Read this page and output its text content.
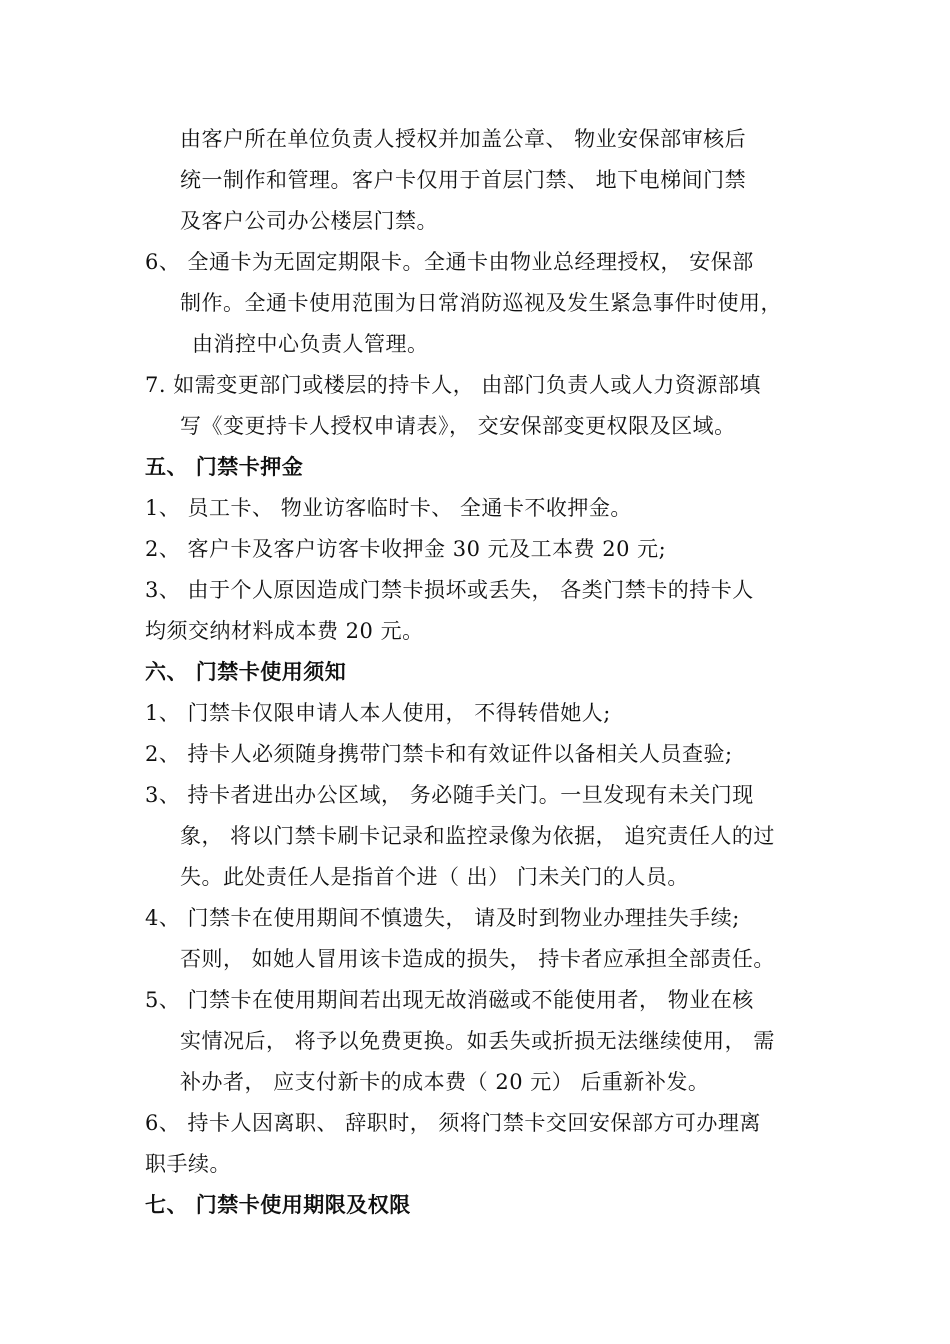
由客户所在单位负责人授权并加盖公章、 物业安保部审核后
统一制作和管理。客户卡仅用于首层门禁、 地下电梯间门禁
及客户公司办公楼层门禁。
6、 全通卡为无固定期限卡。全通卡由物业总经理授权， 安保部
制作。全通卡使用范围为日常消防巡视及发生紧急事件时使用，
由消控中心负责人管理。
7. 如需变更部门或楼层的持卡人， 由部门负责人或人力资源部填
写《变更持卡人授权申请表》， 交安保部变更权限及区域。
五、 门禁卡押金
1、 员工卡、 物业访客临时卡、 全通卡不收押金。
2、 客户卡及客户访客卡收押金 30 元及工本费 20 元;
3、 由于个人原因造成门禁卡损坏或丢失， 各类门禁卡的持卡人
均须交纳材料成本费 20 元。
六、 门禁卡使用须知
1、 门禁卡仅限申请人本人使用， 不得转借她人;
2、 持卡人必须随身携带门禁卡和有效证件以备相关人员查验;
3、 持卡者进出办公区域， 务必随手关门。一旦发现有未关门现
象， 将以门禁卡刷卡记录和监控录像为依据， 追究责任人的过
失。此处责任人是指首个进（ 出） 门未关门的人员。
4、 门禁卡在使用期间不慎遗失， 请及时到物业办理挂失手续;
否则， 如她人冒用该卡造成的损失， 持卡者应承担全部责任。
5、 门禁卡在使用期间若出现无故消磁或不能使用者， 物业在核
实情况后， 将予以免费更换。如丢失或折损无法继续使用， 需
补办者， 应支付新卡的成本费（ 20 元） 后重新补发。
6、 持卡人因离职、 辞职时， 须将门禁卡交回安保部方可办理离
职手续。
七、 门禁卡使用期限及权限
